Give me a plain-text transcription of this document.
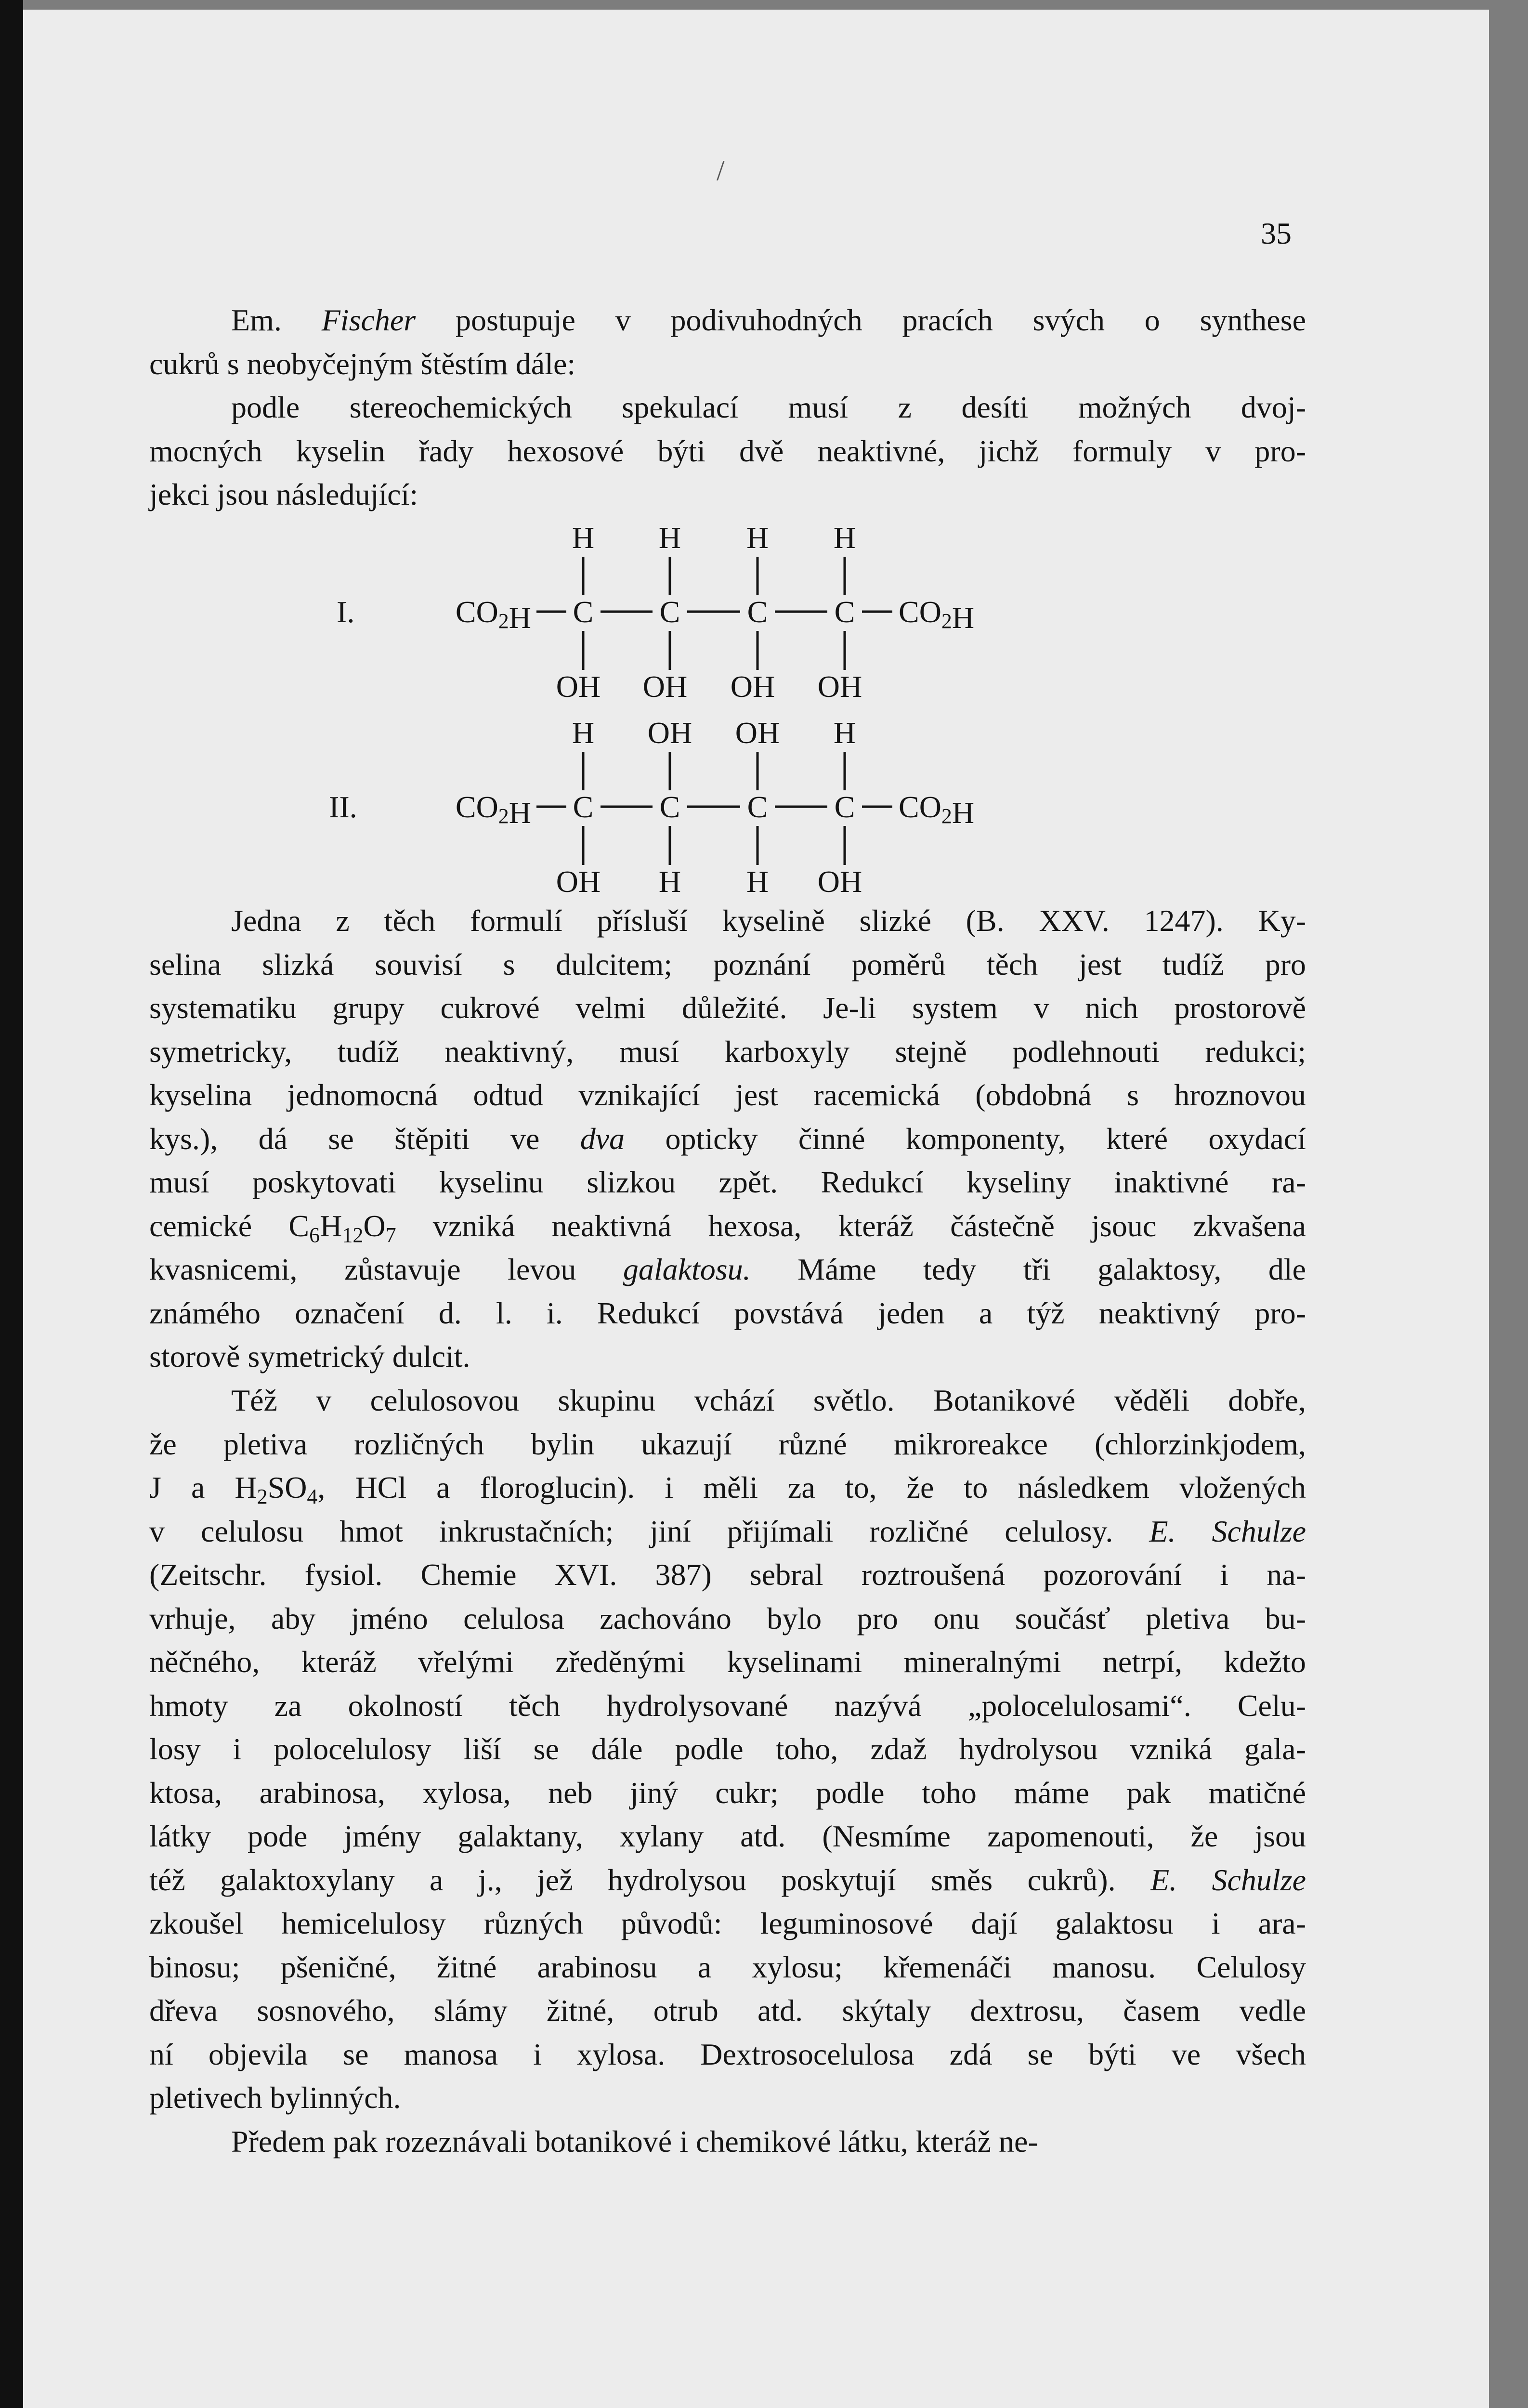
35
/

Em. Fischer postupuje v podivuhodných pracích svých o synthese
cukrů s neobyčejným štěstím dále:
podle stereochemických spekulací musí z desíti možných dvoj-
mocných kyselin řady hexosové býti dvě neaktivné, jichž formuly v pro-
jekci jsou následující:

I.
H H H H
OH OH OH OH
CO2H C C C C CO2H
II.
H OH OH H
OH H H OH
CO2H C C C C CO2H

Jedna z těch formulí přísluší kyselině slizké (B. XXV. 1247). Ky-
selina slizká souvisí s dulcitem; poznání poměrů těch jest tudíž pro
systematiku grupy cukrové velmi důležité. Je-li system v nich prostorově
symetricky, tudíž neaktivný, musí karboxyly stejně podlehnouti redukci;
kyselina jednomocná odtud vznikající jest racemická (obdobná s hroznovou
kys.), dá se štěpiti ve dva opticky činné komponenty, které oxydací
musí poskytovati kyselinu slizkou zpět. Redukcí kyseliny inaktivné ra-
cemické $C_6H_{12}O_7$ vzniká neaktivná hexosa, kteráž částečně jsouc zkvašena
kvasnicemi, zůstavuje levou galaktosu. Máme tedy tři galaktosy, dle
známého označení d. l. i. Redukcí povstává jeden a týž neaktivný pro-
storově symetrický dulcit.

Též v celulosovou skupinu vchází světlo. Botanikové věděli dobře,
že pletiva rozličných bylin ukazují různé mikroreakce (chlorzinkjodem,
J a $H_2SO_4$, HCl a floroglucin). i měli za to, že to následkem vložených
v celulosu hmot inkrustačních; jiní přijímali rozličné celulosy. E. Schulze
(Zeitschr. fysiol. Chemie XVI. 387) sebral roztroušená pozorování i na-
vrhuje, aby jméno celulosa zachováno bylo pro onu součásť pletiva bu-
něčného, kteráž vřelými zředěnými kyselinami mineralnými netrpí, kdežto
hmoty za okolností těch hydrolysované nazývá „polocelulosami“. Celu-
losy i polocelulosy liší se dále podle toho, zdaž hydrolysou vzniká gala-
ktosa, arabinosa, xylosa, neb jiný cukr; podle toho máme pak matičné
látky pode jmény galaktany, xylany atd. (Nesmíme zapomenouti, že jsou
též galaktoxylany a j., jež hydrolysou poskytují směs cukrů). E. Schulze
zkoušel hemicelulosy různých původů: leguminosové dají galaktosu i ara-
binosu; pšeničné, žitné arabinosu a xylosu; křemenáči manosu. Celulosy
dřeva sosnového, slámy žitné, otrub atd. skýtaly dextrosu, časem vedle
ní objevila se manosa i xylosa. Dextrosocelulosa zdá se býti ve všech
pletivech bylinných.

Předem pak rozeznávali botanikové i chemikové látku, kteráž ne-
